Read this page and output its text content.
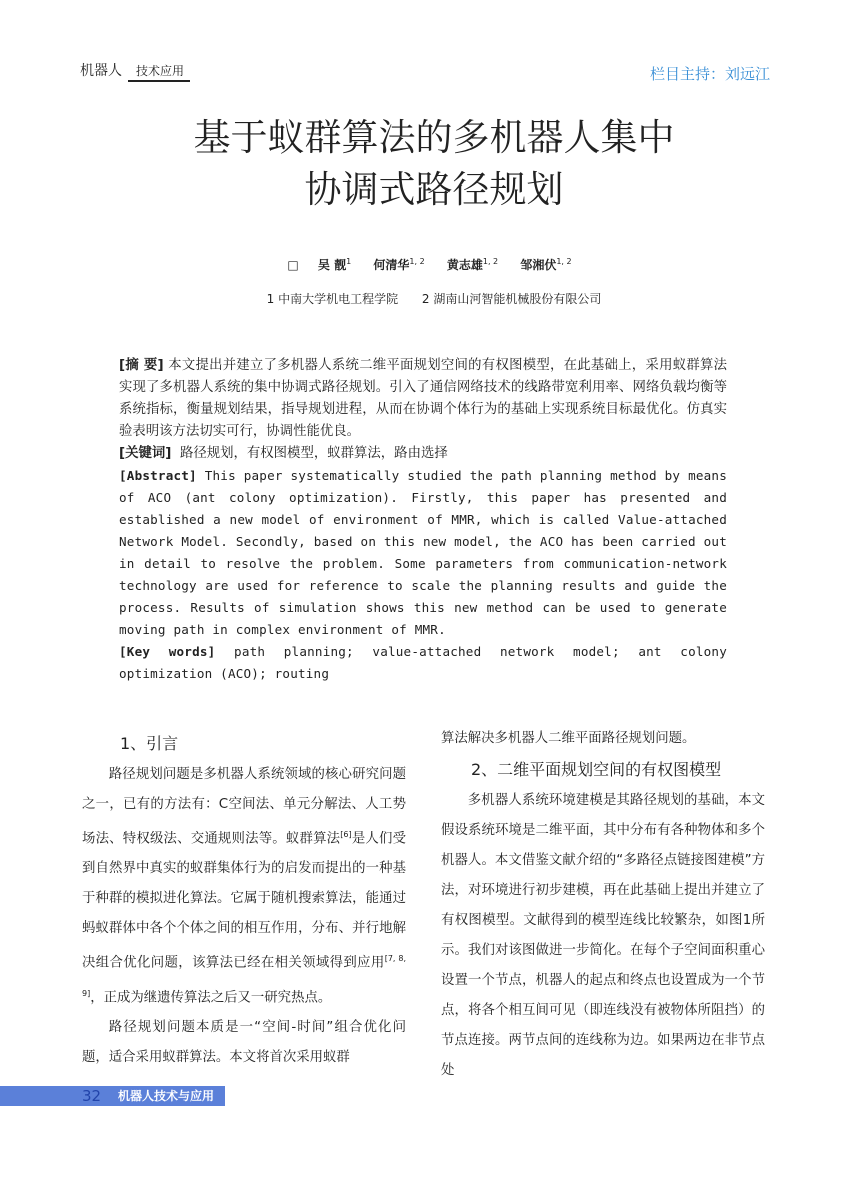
机器人 技术应用	栏目主持：刘远江
基于蚁群算法的多机器人集中
协调式路径规划
□ 吴 靓$^1$ 何清华$^{1, 2}$ 黄志雄$^{1, 2}$ 邹湘伏$^{1, 2}$
1 中南大学机电工程学院 2 湖南山河智能机械股份有限公司

[摘 要] 本文提出并建立了多机器人系统二维平面规划空间的有权图模型，在此基础上，采用蚁群算法实现了多机器人系统的集中协调式路径规划。引入了通信网络技术的线路带宽利用率、网络负载均衡等系统指标，衡量规划结果，指导规划进程，从而在协调个体行为的基础上实现系统目标最优化。仿真实验表明该方法切实可行，协调性能优良。

[关键词] 路径规划，有权图模型，蚁群算法，路由选择

[Abstract] This paper systematically studied the path planning method by means of ACO (ant colony optimization). Firstly, this paper has presented and established a new model of environment of MMR, which is called Value-attached Network Model. Secondly, based on this new model, the ACO has been carried out in detail to resolve the problem. Some parameters from communication-network technology are used for reference to scale the planning results and guide the process. Results of simulation shows this new method can be used to generate moving path in complex environment of MMR.

[Key words] path planning; value-attached network model; ant colony optimization (ACO); routing

1、引言

路径规划问题是多机器人系统领域的核心研究问题之一，已有的方法有：C空间法、单元分解法、人工势场法、特权级法、交通规则法等。蚁群算法[6]是人们受到自然界中真实的蚁群集体行为的启发而提出的一种基于种群的模拟进化算法。它属于随机搜索算法，能通过蚂蚁群体中各个个体之间的相互作用，分布、并行地解决组合优化问题，该算法已经在相关领域得到应用[7, 8, 9]，正成为继遗传算法之后又一研究热点。

路径规划问题本质是一“空间-时间”组合优化问题，适合采用蚁群算法。本文将首次采用蚁群

算法解决多机器人二维平面路径规划问题。

2、二维平面规划空间的有权图模型

多机器人系统环境建模是其路径规划的基础，本文假设系统环境是二维平面，其中分布有各种物体和多个机器人。本文借鉴文献介绍的“多路径点链接图建模”方法，对环境进行初步建模，再在此基础上提出并建立了有权图模型。文献得到的模型连线比较繁杂，如图1所示。我们对该图做进一步简化。在每个子空间面积重心设置一个节点，机器人的起点和终点也设置成为一个节点，将各个相互间可见（即连线没有被物体所阻挡）的节点连接。两节点间的连线称为边。如果两边在非节点处

32 机器人技术与应用
